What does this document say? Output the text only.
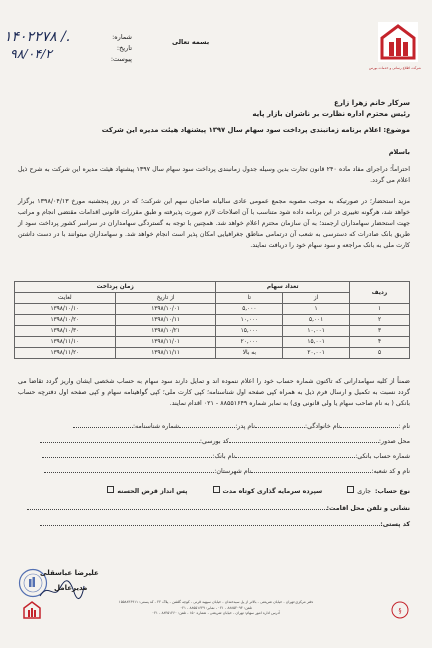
شرکت اطلاع رسانی و خدمات بورس
بسمه تعالی
شماره:
تاریخ:
پیوست:
۱۴۰۲۲۷۸ /.
۹۸/۰۴/۲
سرکار خانم زهرا زارع
رئیس محترم اداره نظارت بر ناشران بازار پایه
موضوع: اعلام برنامه زمانبندی پرداخت سود سهام سال ۱۳۹۷ پیشنهاد هیئت مدیره این شرکت
باسلام
احتراماً؛ دراجرای مفاد ماده ۲۴۰ قانون تجارت بدین وسیله جدول زمانبندی پرداخت سود سهام سال ۱۳۹۷ پیشنهاد هیئت مدیره این شرکت به شرح ذیل اعلام می گردد.
مزید استحضار؛ در صورتیکه به موجب مصوبه مجمع عمومی عادی سالیانه صاحبان سهم این شرکت؛ که در روز پنجشنبه مورخ ۱۳۹۸/۰۴/۱۳ برگزار خواهد شد، هرگونه تغییری در این برنامه داده شود متناسب با آن اصلاحات لازم صورت پذیرفته و طبق مقررات قانونی اقدامات مقتضی انجام و مراتب جهت استحضار سهامداران ارجمند؛ به آن سازمان محترم اعلام خواهد شد. همچنین با توجه به گستردگی سهامداران در سراسر کشور پرداخت سود از طریق بانک صادرات که دسترسی به شعب آن درتمامی مناطق جغرافیایی امکان پذیر است انجام خواهد شد. و سهامداران میتوانند با در دست داشتن کارت ملی به بانک مراجعه و سود سهام خود را دریافت نمایند.
ردیف	تعداد سهام		زمان پرداخت	
	از	تا	از تاریخ	لغایت
۱	۱	۵,۰۰۰	۱۳۹۸/۱۰/۰۱	۱۳۹۸/۱۰/۱۰
۲	۵,۰۰۱	۱۰,۰۰۰	۱۳۹۸/۱۰/۱۱	۱۳۹۸/۱۰/۲۰
۳	۱۰,۰۰۱	۱۵,۰۰۰	۱۳۹۸/۱۰/۲۱	۱۳۹۸/۱۰/۳۰
۴	۱۵,۰۰۱	۲۰,۰۰۰	۱۳۹۸/۱۱/۰۱	۱۳۹۸/۱۱/۱۰
۵	۲۰,۰۰۱	به بالا	۱۳۹۸/۱۱/۱۱	۱۳۹۸/۱۱/۲۰
ضمناً از کلیه سهامدارانی که تاکنون شماره حساب خود را اعلام ننموده اند و تمایل دارند سود سهام به حساب شخصی ایشان واریز گردد تقاضا می گردد نسبت به تکمیل و ارسال فرم ذیل به همراه کپی صفحه اول شناسنامه؛ کپی کارت ملی؛ کپی گواهینامه سهام و کپی صفحه اول دفترچه حساب بانکی ( به نام صاحب سهام یا ولی قانونی وی) به نمابر شماره ۸۸۵۵۱۶۴۹ - ۰۲۱ اقدام نمایند.
نام :
نام خانوادگی:
نام پدر:
شماره شناسنامه:
محل صدور:
کد بورسی:
شماره حساب بانکی:
نام بانک:
نام و کد شعبه:
نام شهرستان:
نوع حساب:
جاری
سپرده سرمایه گذاری کوتاه مدت
پس انداز قرض الحسنه
نشانی و تلفن محل اقامت:
کد پستی:
علیرضا عباسقلی
مدیرعامل
دفتر مرکزی:تهران - خیابان شریعتی - بالاتر از پل سیدخندان - خیابان سپهبد قرنی - کوچه گلشن - پلاک ۲۲ - کد پستی: ۱۵۵۸۸۳۶۹۱۱
تلفن: ۸۸۸۵۲۰۹۴ - ۰۲۱ ، نمابر: ۸۸۵۵۱۶۴۹ - ۰۲۱
آدرس اداره امور سهام: تهران - خیابان شریعتی ، شماره ۱۵۰ - تلفن: ۸۸۴۵۱۲۶۰ - ۰۲۱	§
